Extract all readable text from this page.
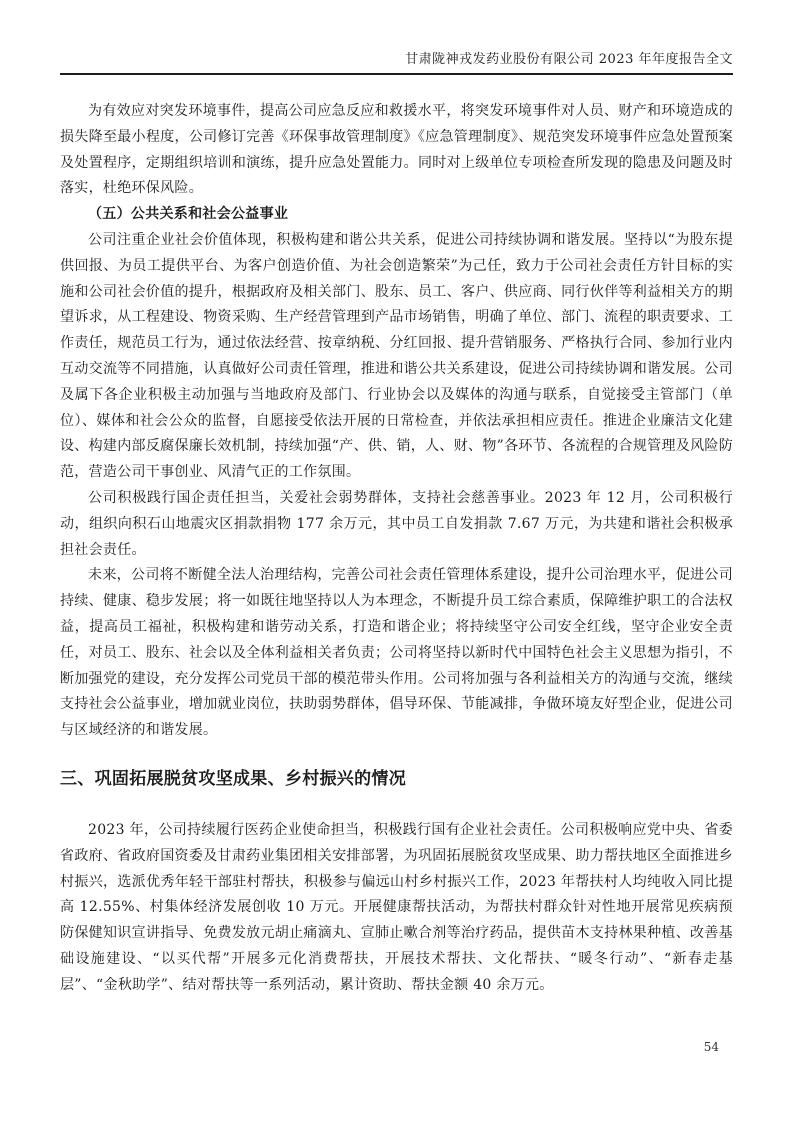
甘肃陇神戎发药业股份有限公司 2023 年年度报告全文

为有效应对突发环境事件，提高公司应急反应和救援水平，将突发环境事件对人员、财产和环境造成的损失降至最小程度，公司修订完善《环保事故管理制度》《应急管理制度》、规范突发环境事件应急处置预案及处置程序，定期组织培训和演练，提升应急处置能力。同时对上级单位专项检查所发现的隐患及问题及时落实，杜绝环保风险。

（五）公共关系和社会公益事业

公司注重企业社会价值体现，积极构建和谐公共关系，促进公司持续协调和谐发展。坚持以“为股东提供回报、为员工提供平台、为客户创造价值、为社会创造繁荣”为己任，致力于公司社会责任方针目标的实施和公司社会价值的提升，根据政府及相关部门、股东、员工、客户、供应商、同行伙伴等利益相关方的期望诉求，从工程建设、物资采购、生产经营管理到产品市场销售，明确了单位、部门、流程的职责要求、工作责任，规范员工行为，通过依法经营、按章纳税、分红回报、提升营销服务、严格执行合同、参加行业内互动交流等不同措施，认真做好公司责任管理，推进和谐公共关系建设，促进公司持续协调和谐发展。公司及属下各企业积极主动加强与当地政府及部门、行业协会以及媒体的沟通与联系，自觉接受主管部门（单位）、媒体和社会公众的监督，自愿接受依法开展的日常检查，并依法承担相应责任。推进企业廉洁文化建设、构建内部反腐保廉长效机制，持续加强“产、供、销，人、财、物”各环节、各流程的合规管理及风险防范，营造公司干事创业、风清气正的工作氛围。

公司积极践行国企责任担当，关爱社会弱势群体，支持社会慈善事业。2023 年 12 月，公司积极行动，组织向积石山地震灾区捐款捐物 177 余万元，其中员工自发捐款 7.67 万元，为共建和谐社会积极承担社会责任。

未来，公司将不断健全法人治理结构，完善公司社会责任管理体系建设，提升公司治理水平，促进公司持续、健康、稳步发展；将一如既往地坚持以人为本理念，不断提升员工综合素质，保障维护职工的合法权益，提高员工福祉，积极构建和谐劳动关系，打造和谐企业；将持续坚守公司安全红线，坚守企业安全责任，对员工、股东、社会以及全体利益相关者负责；公司将坚持以新时代中国特色社会主义思想为指引，不断加强党的建设，充分发挥公司党员干部的模范带头作用。公司将加强与各利益相关方的沟通与交流，继续支持社会公益事业，增加就业岗位，扶助弱势群体，倡导环保、节能减排，争做环境友好型企业，促进公司与区域经济的和谐发展。

三、巩固拓展脱贫攻坚成果、乡村振兴的情况

2023 年，公司持续履行医药企业使命担当，积极践行国有企业社会责任。公司积极响应党中央、省委省政府、省政府国资委及甘肃药业集团相关安排部署，为巩固拓展脱贫攻坚成果、助力帮扶地区全面推进乡村振兴，选派优秀年轻干部驻村帮扶，积极参与偏远山村乡村振兴工作，2023 年帮扶村人均纯收入同比提高 12.55%、村集体经济发展创收 10 万元。开展健康帮扶活动，为帮扶村群众针对性地开展常见疾病预防保健知识宣讲指导、免费发放元胡止痛滴丸、宣肺止嗽合剂等治疗药品，提供苗木支持林果种植、改善基础设施建设、“以买代帮”开展多元化消费帮扶，开展技术帮扶、文化帮扶、“暖冬行动”、“新春走基层”、“金秋助学”、结对帮扶等一系列活动，累计资助、帮扶金额 40 余万元。

54
